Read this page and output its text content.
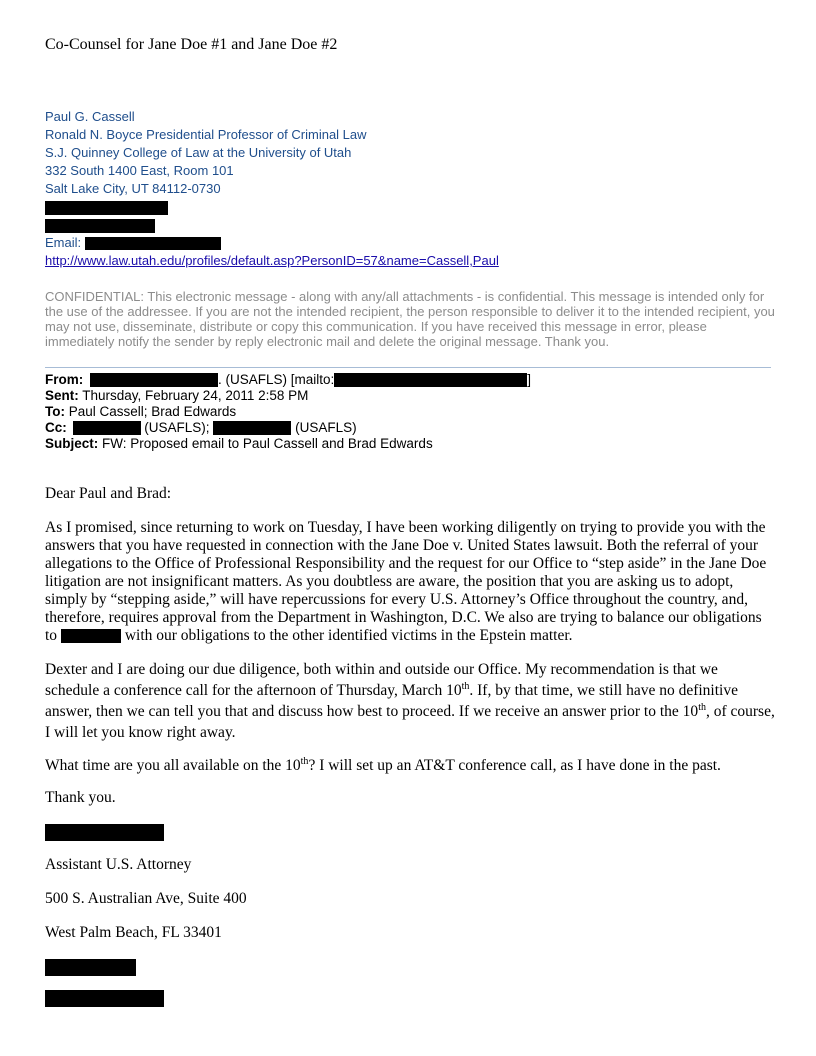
Co-Counsel for Jane Doe #1 and Jane Doe #2
Paul G. Cassell
Ronald N. Boyce Presidential Professor of Criminal Law
S.J. Quinney College of Law at the University of Utah
332 South 1400 East, Room 101
Salt Lake City, UT 84112-0730
Email:
http://www.law.utah.edu/profiles/default.asp?PersonID=57&name=Cassell,Paul
CONFIDENTIAL: This electronic message - along with any/all attachments - is confidential. This message is intended only for the use of the addressee. If you are not the intended recipient, the person responsible to deliver it to the intended recipient, you may not use, disseminate, distribute or copy this communication. If you have received this message in error, please immediately notify the sender by reply electronic mail and delete the original message. Thank you.
From:	. (USAFLS) [mailto:	]
Sent: Thursday, February 24, 2011 2:58 PM
To: Paul Cassell; Brad Edwards
Cc:	(USAFLS);	(USAFLS)
Subject: FW: Proposed email to Paul Cassell and Brad Edwards

Dear Paul and Brad:

As I promised, since returning to work on Tuesday, I have been working diligently on trying to provide you with the answers that you have requested in connection with the Jane Doe v. United States lawsuit. Both the referral of your allegations to the Office of Professional Responsibility and the request for our Office to “step aside” in the Jane Doe litigation are not insignificant matters. As you doubtless are aware, the position that you are asking us to adopt, simply by “stepping aside,” will have repercussions for every U.S. Attorney’s Office throughout the country, and, therefore, requires approval from the Department in Washington, D.C. We also are trying to balance our obligations to	with our obligations to the other identified victims in the Epstein matter.

Dexter and I are doing our due diligence, both within and outside our Office. My recommendation is that we schedule a conference call for the afternoon of Thursday, March 10th. If, by that time, we still have no definitive answer, then we can tell you that and discuss how best to proceed. If we receive an answer prior to the 10th, of course, I will let you know right away.

What time are you all available on the 10th? I will set up an AT&T conference call, as I have done in the past.

Thank you.

Assistant U.S. Attorney

500 S. Australian Ave, Suite 400

West Palm Beach, FL 33401
